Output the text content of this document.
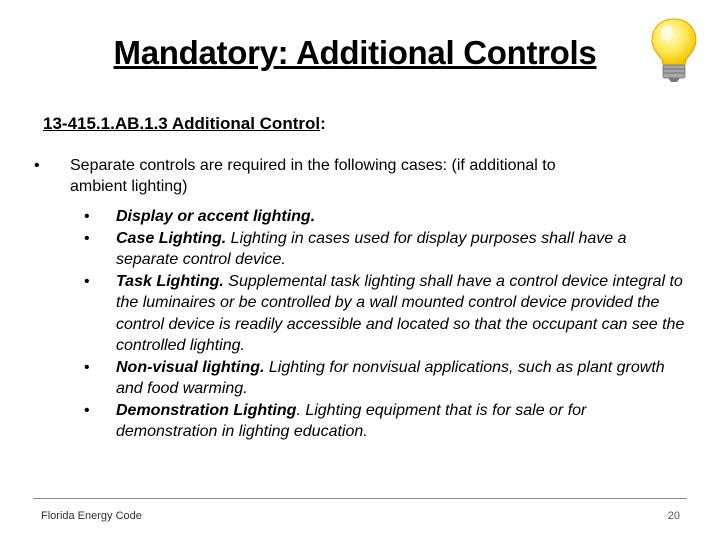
Mandatory: Additional Controls
13-415.1.AB.1.3 Additional Control:
• Separate controls are required in the following cases: (if additional to
ambient lighting)
• Display or accent lighting.
• Case Lighting. Lighting in cases used for display purposes shall have a separate control device.
• Task Lighting. Supplemental task lighting shall have a control device integral to the luminaires or be controlled by a wall mounted control device provided the control device is readily accessible and located so that the occupant can see the controlled lighting.
• Non-visual lighting. Lighting for nonvisual applications, such as plant growth and food warming.
• Demonstration Lighting. Lighting equipment that is for sale or for demonstration in lighting education.
Florida Energy Code	20
